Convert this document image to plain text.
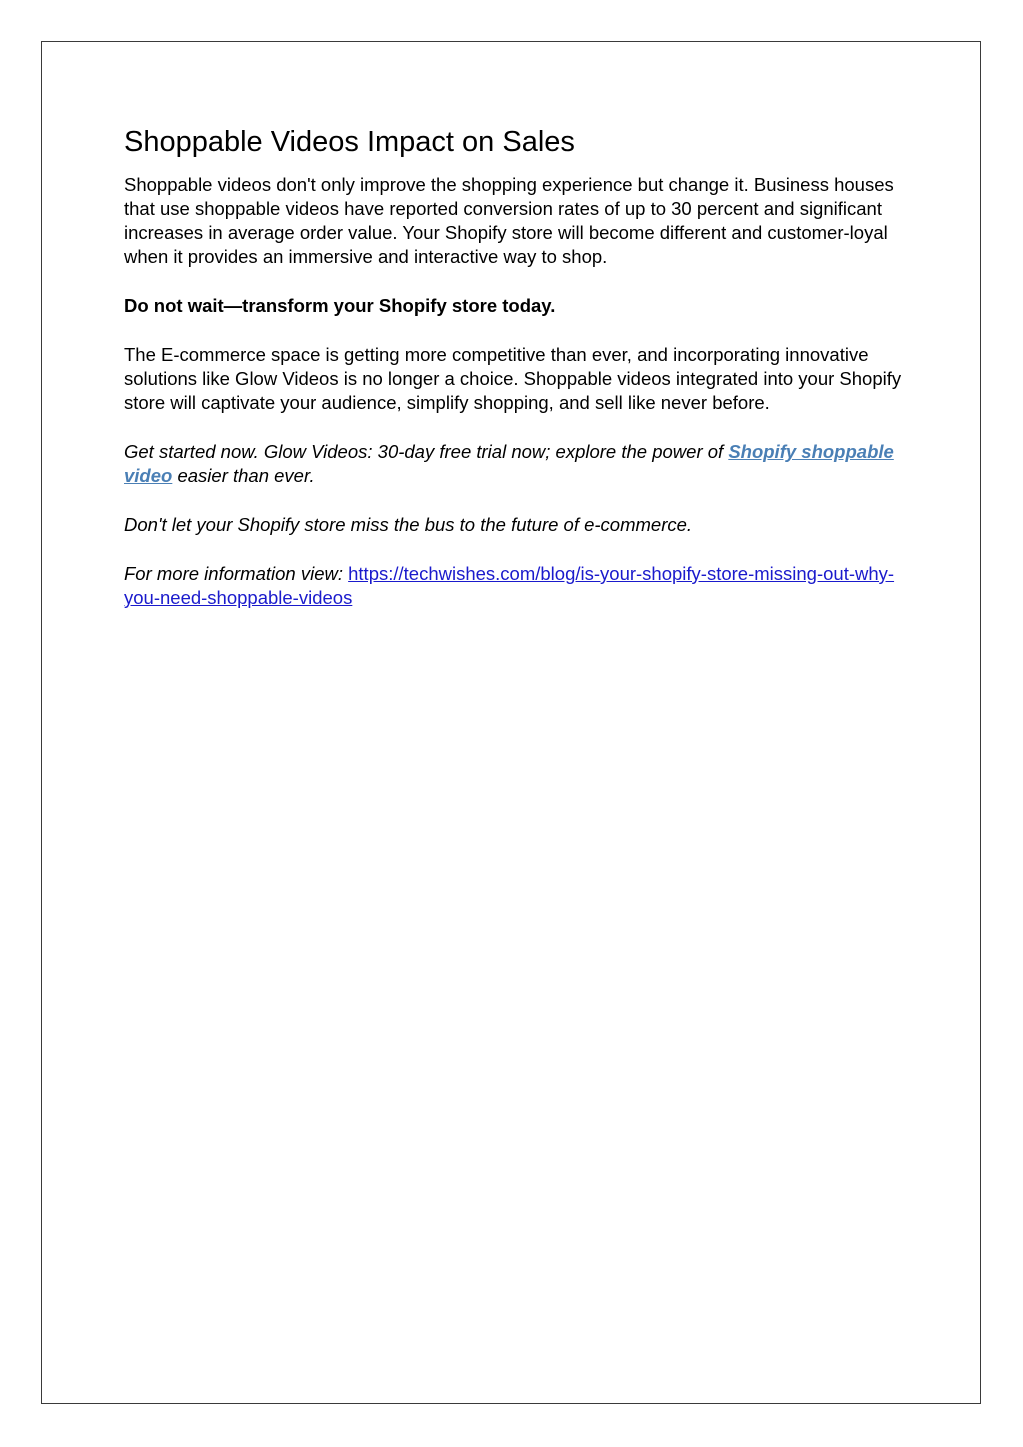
Shoppable Videos Impact on Sales

Shoppable videos don't only improve the shopping experience but change it. Business houses that use shoppable videos have reported conversion rates of up to 30 percent and significant increases in average order value. Your Shopify store will become different and customer-loyal when it provides an immersive and interactive way to shop.

Do not wait—transform your Shopify store today.

The E-commerce space is getting more competitive than ever, and incorporating innovative solutions like Glow Videos is no longer a choice. Shoppable videos integrated into your Shopify store will captivate your audience, simplify shopping, and sell like never before.

Get started now. Glow Videos: 30-day free trial now; explore the power of Shopify shoppable video easier than ever.

Don't let your Shopify store miss the bus to the future of e-commerce.

For more information view: https://techwishes.com/blog/is-your-shopify-store-missing-out-why-you-need-shoppable-videos
